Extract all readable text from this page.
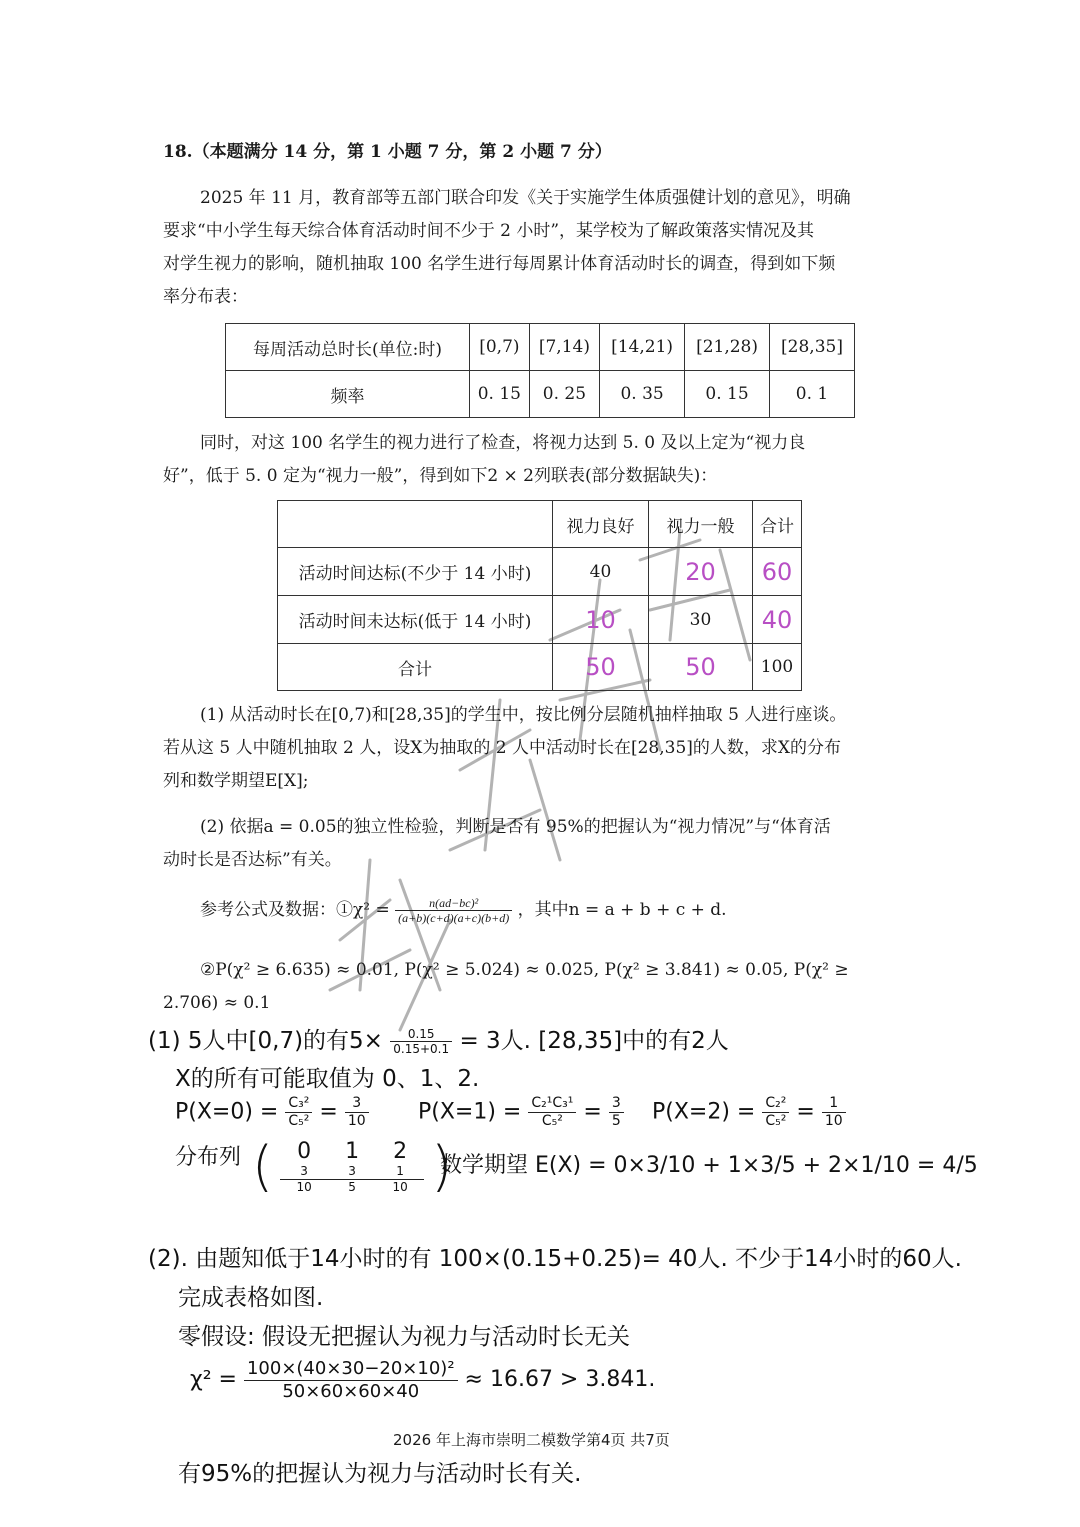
18.（本题满分 14 分，第 1 小题 7 分，第 2 小题 7 分）
2025 年 11 月，教育部等五部门联合印发《关于实施学生体质强健计划的意见》，明确
要求“中小学生每天综合体育活动时间不少于 2 小时”，某学校为了解政策落实情况及其
对学生视力的影响，随机抽取 100 名学生进行每周累计体育活动时长的调查，得到如下频
率分布表：
每周活动总时长(单位:时)	[0,7)	[7,14)	[14,21)	[21,28)	[28,35]
频率	0. 15	0. 25	0. 35	0. 15	0. 1
同时，对这 100 名学生的视力进行了检查，将视力达到 5. 0 及以上定为“视力良
好”，低于 5. 0 定为“视力一般”，得到如下2 × 2列联表(部分数据缺失)：
	视力良好	视力一般	合计
活动时间达标(不少于 14 小时)	40	20	60
活动时间未达标(低于 14 小时)	10	30	40
合计	50	50	100
(1) 从活动时长在[0,7)和[28,35]的学生中，按比例分层随机抽样抽取 5 人进行座谈。
若从这 5 人中随机抽取 2 人，设X为抽取的 2 人中活动时长在[28,35]的人数，求X的分布
列和数学期望E[X];
(2) 依据a = 0.05的独立性检验，判断是否有 95%的把握认为“视力情况”与“体育活
动时长是否达标”有关。
参考公式及数据：①χ² = $\frac{\text{n(ad−bc)²}}{(a+b)(c+d)(a+c)(b+d)}$ ，其中n = a + b + c + d.
②P(χ² ≥ 6.635) ≈ 0.01, P(χ² ≥ 5.024) ≈ 0.025, P(χ² ≥ 3.841) ≈ 0.05, P(χ² ≥
2.706) ≈ 0.1
(1) 5人中[0,7)的有$5\times \frac{0.15}{0.15+0.1} = 3$人. [28,35]中的有2人
X的所有可能取值为 0、1、2.
$P(X=0) = \frac{\text{C₃²}}{\text{C₅²}} = \frac{3}{10} P(X=1) = \frac{\text{C₂¹C₃¹}}{\text{C₅²}} = \frac{3}{5} P(X=2) = \frac{\text{C₂²}}{\text{C₅²}} = \frac{1}{10}$
分布列 (	0 1 2
$\frac{3}{10} \frac{3}{5} \frac{1}{10}$ )
数学期望 E(X) = 0×3/10 + 1×3/5 + 2×1/10 = 4/5
(2). 由题知低于14小时的有 100×(0.15+0.25)= 40人. 不少于14小时的60人.
完成表格如图.
零假设: 假设无把握认为视力与活动时长无关
$\chi^2 = \frac{\text{100×(40×30−20×10)²}}{50\times 60\times 60\times 40} \approx 16.67 > 3.841$.
2026 年上海市崇明二模数学第4页 共7页
有95%的把握认为视力与活动时长有关.
